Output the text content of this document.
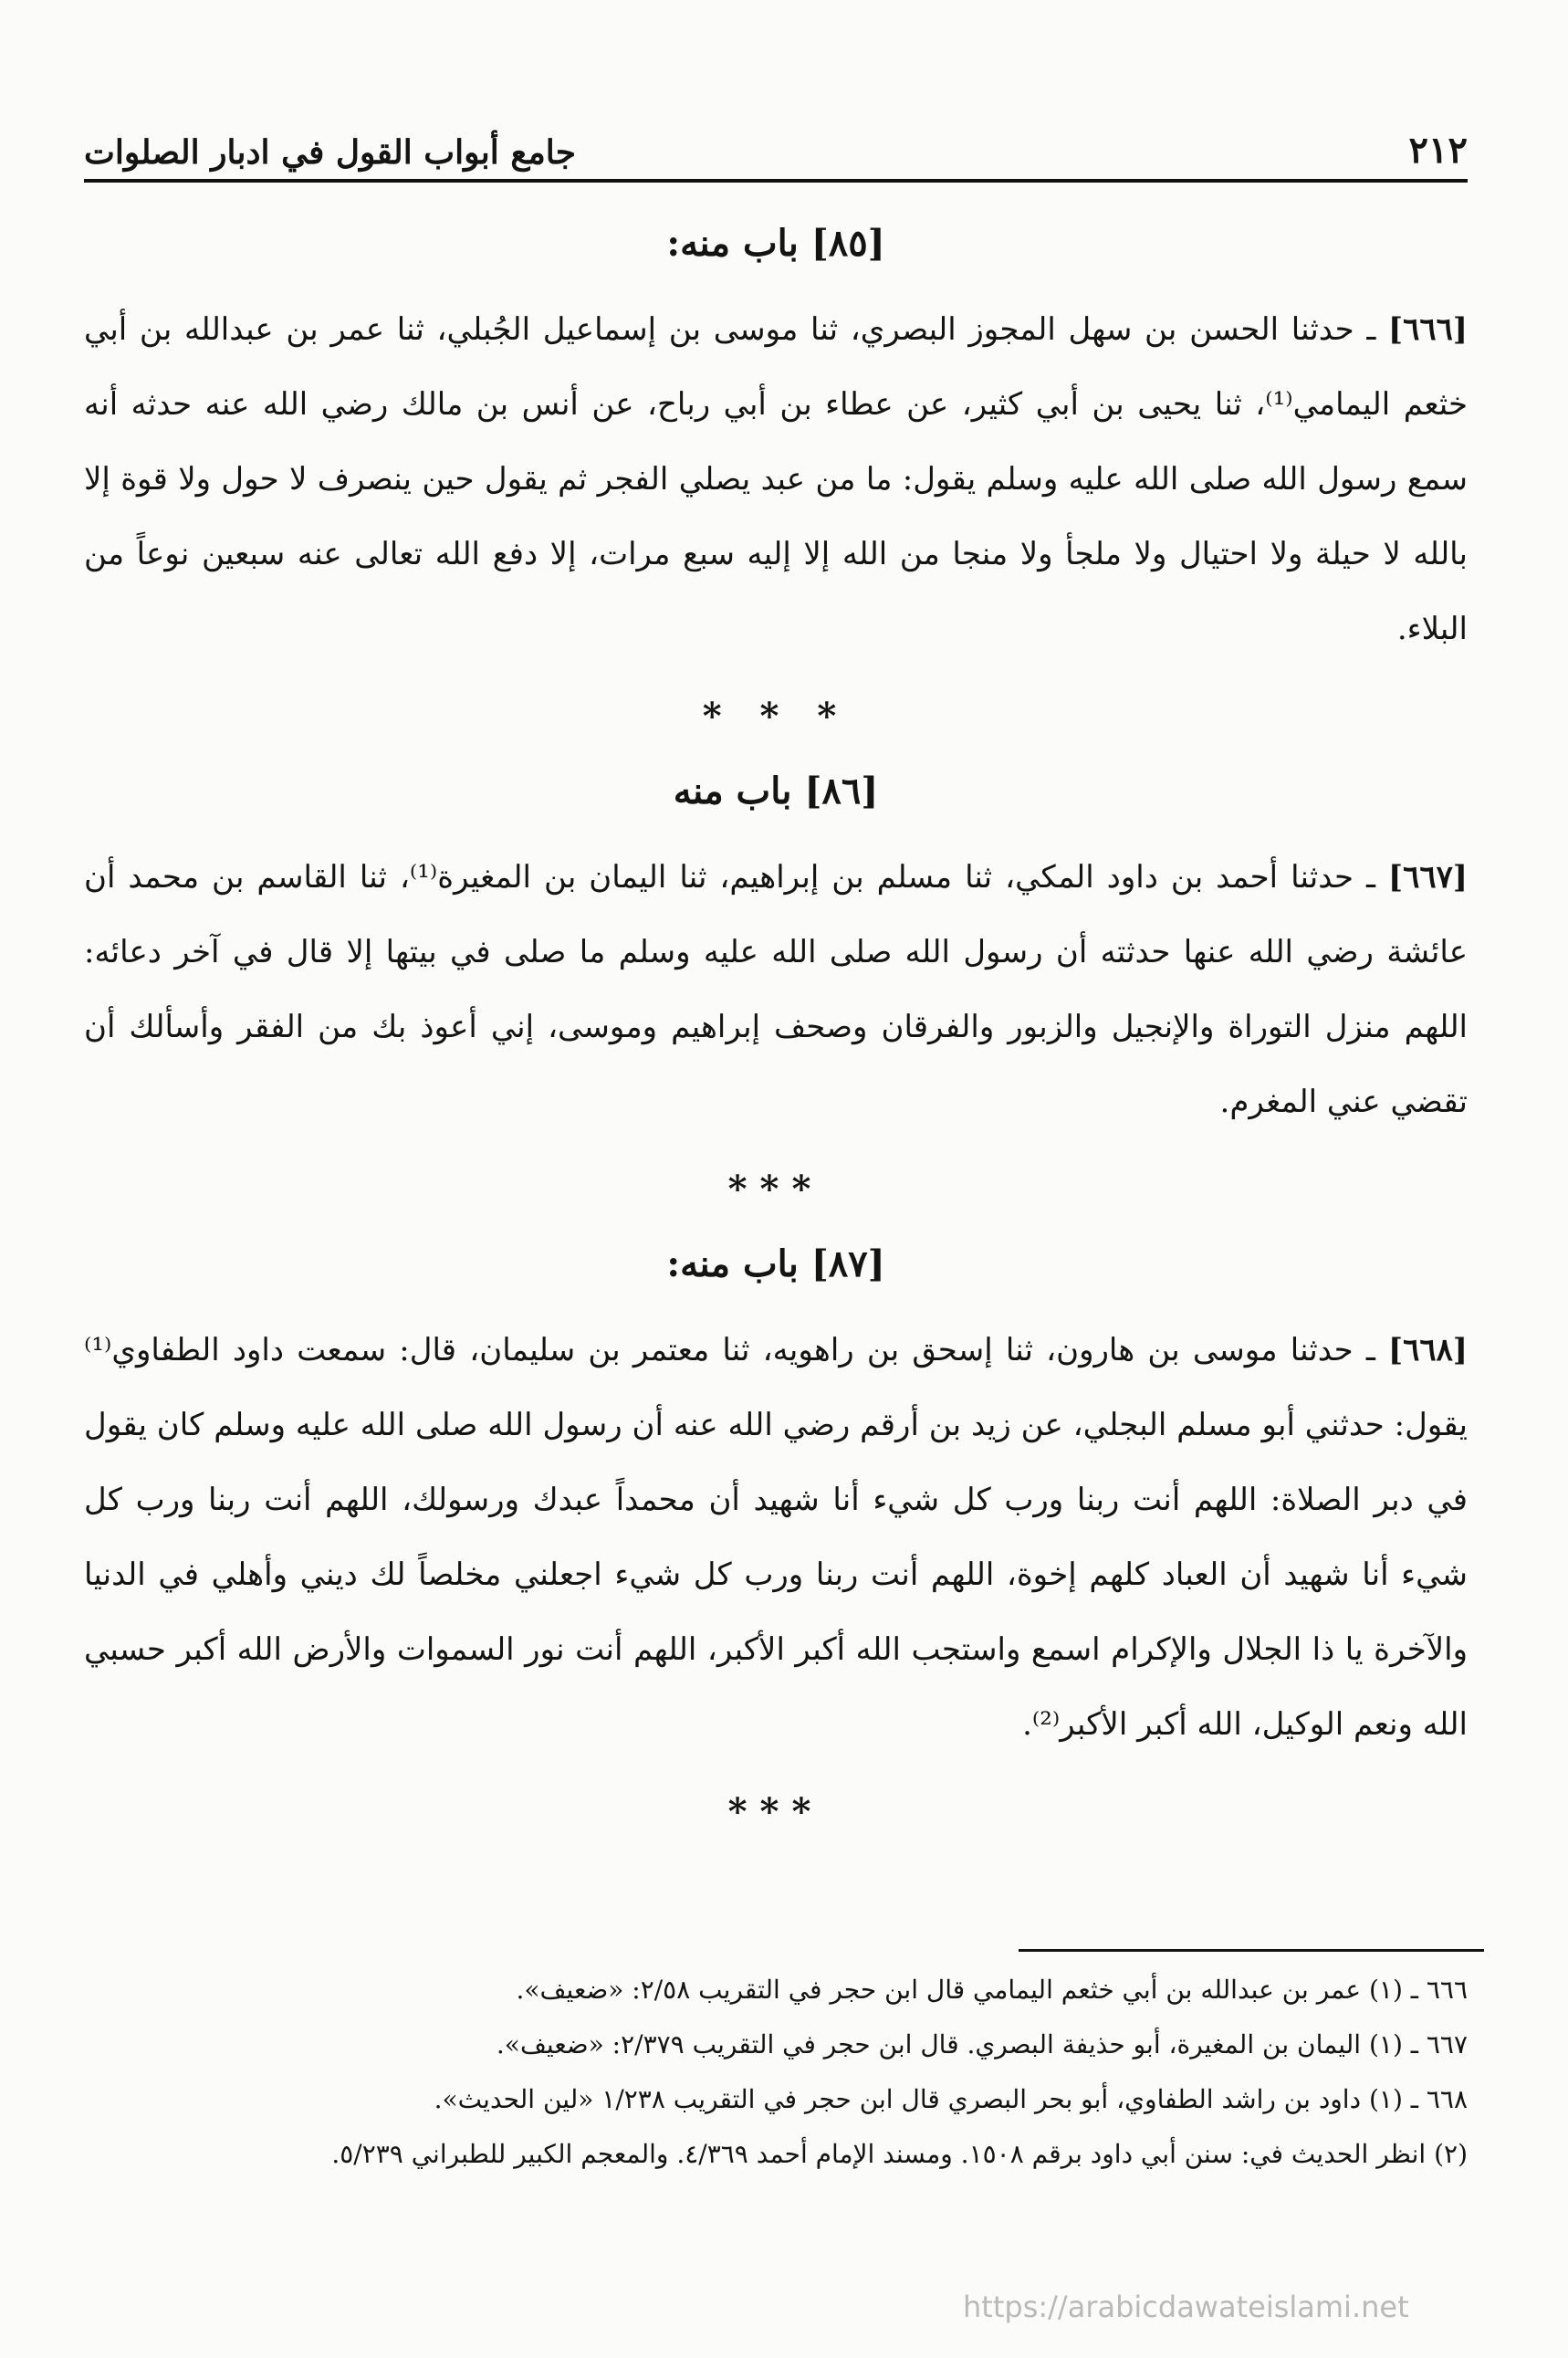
٢١٢
جامع أبواب القول في ادبار الصلوات
[٨٥] باب منه:

[٦٦٦] ـ حدثنا الحسن بن سهل المجوز البصري، ثنا موسى بن إسماعيل الجُبلي، ثنا عمر بن عبدالله بن أبي خثعم اليمامي⁽¹⁾، ثنا يحيى بن أبي كثير، عن عطاء بن أبي رباح، عن أنس بن مالك رضي الله عنه حدثه أنه سمع رسول الله صلى الله عليه وسلم يقول: ما من عبد يصلي الفجر ثم يقول حين ينصرف لا حول ولا قوة إلا بالله لا حيلة ولا احتيال ولا ملجأ ولا منجا من الله إلا إليه سبع مرات، إلا دفع الله تعالى عنه سبعين نوعاً من البلاء.

* * *
[٨٦] باب منه

[٦٦٧] ـ حدثنا أحمد بن داود المكي، ثنا مسلم بن إبراهيم، ثنا اليمان بن المغيرة⁽¹⁾، ثنا القاسم بن محمد أن عائشة رضي الله عنها حدثته أن رسول الله صلى الله عليه وسلم ما صلى في بيتها إلا قال في آخر دعائه: اللهم منزل التوراة والإنجيل والزبور والفرقان وصحف إبراهيم وموسى، إني أعوذ بك من الفقر وأسألك أن تقضي عني المغرم.

***
[٨٧] باب منه:

[٦٦٨] ـ حدثنا موسى بن هارون، ثنا إسحق بن راهويه، ثنا معتمر بن سليمان، قال: سمعت داود الطفاوي⁽¹⁾ يقول: حدثني أبو مسلم البجلي، عن زيد بن أرقم رضي الله عنه أن رسول الله صلى الله عليه وسلم كان يقول في دبر الصلاة: اللهم أنت ربنا ورب كل شيء أنا شهيد أن محمداً عبدك ورسولك، اللهم أنت ربنا ورب كل شيء أنا شهيد أن العباد كلهم إخوة، اللهم أنت ربنا ورب كل شيء اجعلني مخلصاً لك ديني وأهلي في الدنيا والآخرة يا ذا الجلال والإكرام اسمع واستجب الله أكبر الأكبر، اللهم أنت نور السموات والأرض الله أكبر حسبي الله ونعم الوكيل، الله أكبر الأكبر⁽²⁾.

***
٦٦٦ ـ (١) عمر بن عبدالله بن أبي خثعم اليمامي قال ابن حجر في التقريب ٢/٥٨: «ضعيف».
٦٦٧ ـ (١) اليمان بن المغيرة، أبو حذيفة البصري. قال ابن حجر في التقريب ٢/٣٧٩: «ضعيف».
٦٦٨ ـ (١) داود بن راشد الطفاوي، أبو بحر البصري قال ابن حجر في التقريب ١/٢٣٨ «لين الحديث».
(٢) انظر الحديث في: سنن أبي داود برقم ١٥٠٨. ومسند الإمام أحمد ٤/٣٦٩. والمعجم الكبير للطبراني ٥/٢٣٩.
https://arabicdawateislami.net
